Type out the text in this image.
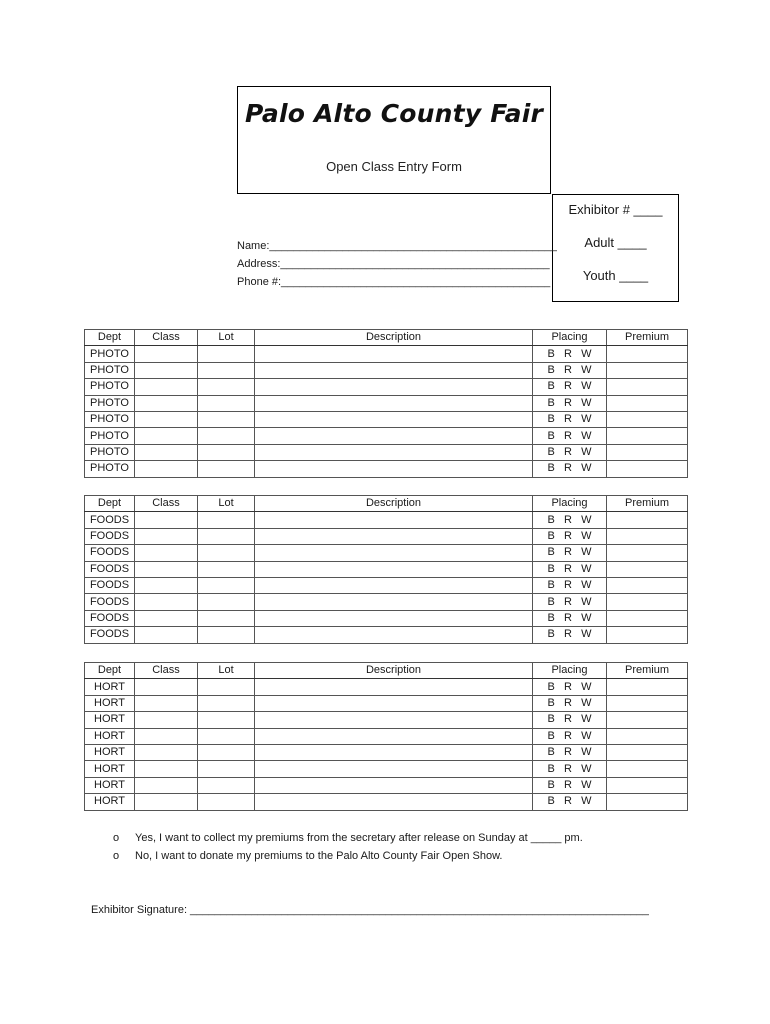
Palo Alto County Fair
Open Class Entry Form
Exhibitor # ____
Adult ____
Youth ____
Name:_______________________________________________
Address:____________________________________________
Phone #:____________________________________________
Dept	Class	Lot	Description	Placing	Premium
PHOTO				B   R   W	
PHOTO				B   R   W	
PHOTO				B   R   W	
PHOTO				B   R   W	
PHOTO				B   R   W	
PHOTO				B   R   W	
PHOTO				B   R   W	
PHOTO				B   R   W	
Dept	Class	Lot	Description	Placing	Premium
FOODS				B   R   W	
FOODS				B   R   W	
FOODS				B   R   W	
FOODS				B   R   W	
FOODS				B   R   W	
FOODS				B   R   W	
FOODS				B   R   W	
FOODS				B   R   W	
Dept	Class	Lot	Description	Placing	Premium
HORT				B   R   W	
HORT				B   R   W	
HORT				B   R   W	
HORT				B   R   W	
HORT				B   R   W	
HORT				B   R   W	
HORT				B   R   W	
HORT				B   R   W	
o Yes, I want to collect my premiums from the secretary after release on Sunday at _____ pm.
o No, I want to donate my premiums to the Palo Alto County Fair Open Show.
Exhibitor Signature: ___________________________________________________________________________
